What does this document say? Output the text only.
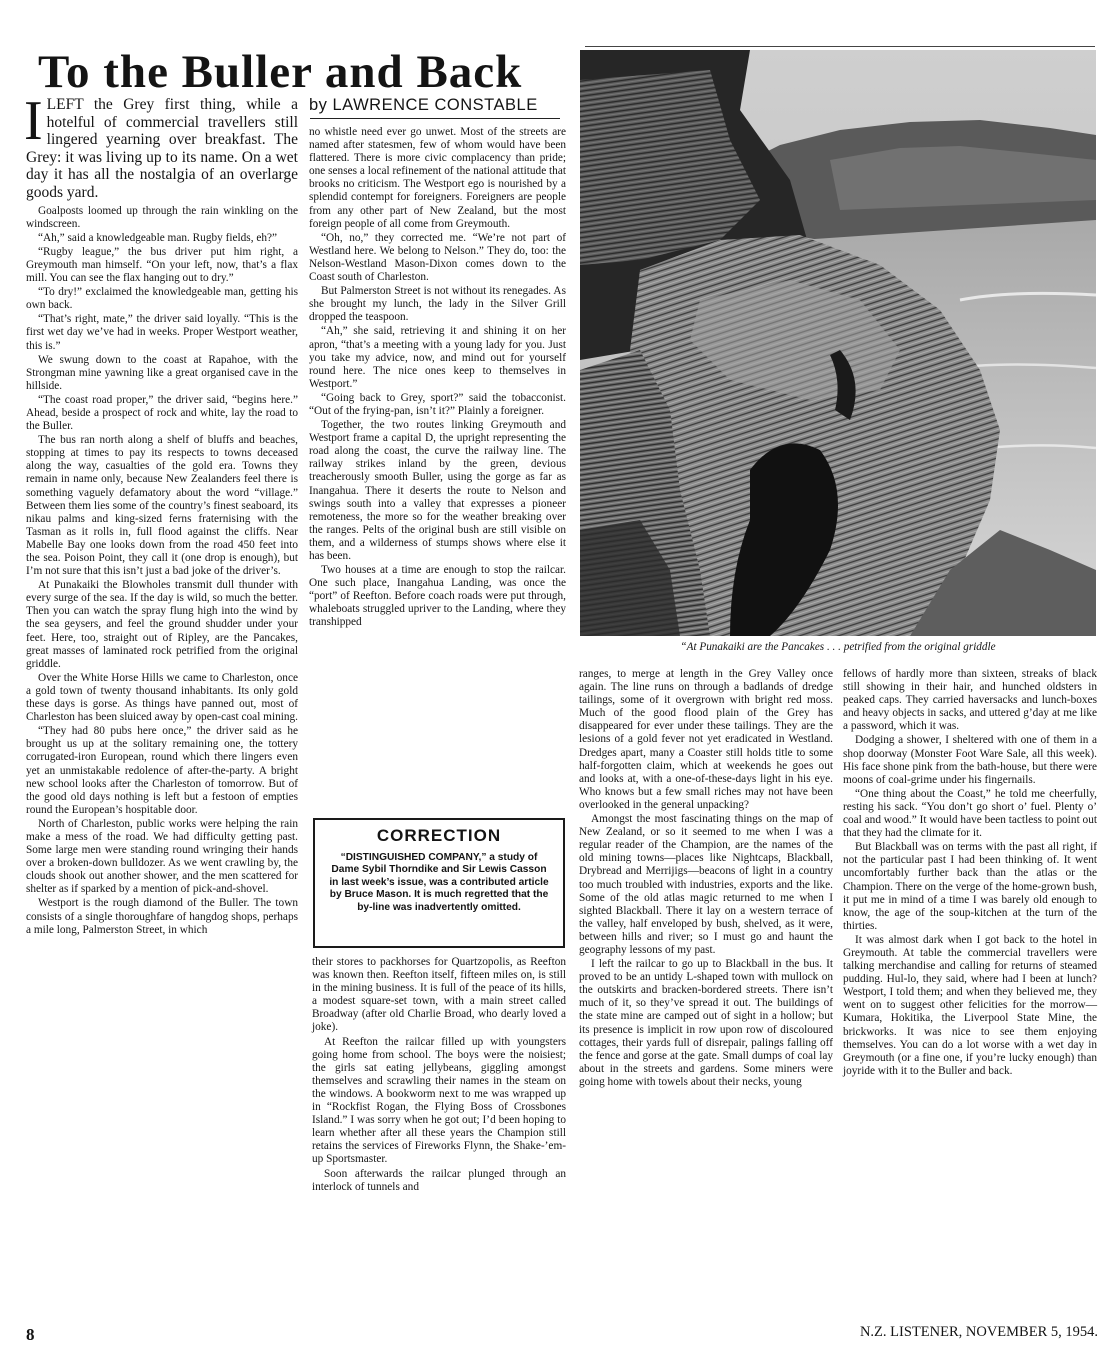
To the Buller and Back
by LAWRENCE CONSTABLE
I LEFT the Grey first thing, while a hotelful of commercial travellers still lingered yearning over breakfast. The Grey: it was living up to its name. On a wet day it has all the nostalgia of an overlarge goods yard.

Goalposts loomed up through the rain winkling on the windscreen.

“Ah,” said a knowledgeable man. Rugby fields, eh?”

“Rugby league,” the bus driver put him right, a Greymouth man himself. “On your left, now, that’s a flax mill. You can see the flax hanging out to dry.”

“To dry!” exclaimed the knowledgeable man, getting his own back.

“That’s right, mate,” the driver said loyally. “This is the first wet day we’ve had in weeks. Proper Westport weather, this is.”

We swung down to the coast at Rapahoe, with the Strongman mine yawning like a great organised cave in the hillside.

“The coast road proper,” the driver said, “begins here.” Ahead, beside a prospect of rock and white, lay the road to the Buller.

The bus ran north along a shelf of bluffs and beaches, stopping at times to pay its respects to towns deceased along the way, casualties of the gold era. Towns they remain in name only, because New Zealanders feel there is something vaguely defamatory about the word “village.” Between them lies some of the country’s finest seaboard, its nikau palms and king-sized ferns fraternising with the Tasman as it rolls in, full flood against the cliffs. Near Mabelle Bay one looks down from the road 450 feet into the sea. Poison Point, they call it (one drop is enough), but I’m not sure that this isn’t just a bad joke of the driver’s.

At Punakaiki the Blowholes transmit dull thunder with every surge of the sea. If the day is wild, so much the better. Then you can watch the spray flung high into the wind by the sea geysers, and feel the ground shudder under your feet. Here, too, straight out of Ripley, are the Pancakes, great masses of laminated rock petrified from the original griddle.

Over the White Horse Hills we came to Charleston, once a gold town of twenty thousand inhabitants. Its only gold these days is gorse. As things have panned out, most of Charleston has been sluiced away by open-cast coal mining.

“They had 80 pubs here once,” the driver said as he brought us up at the solitary remaining one, the tottery corrugated-iron European, round which there lingers even yet an unmistakable redolence of after-the-party. A bright new school looks after the Charleston of tomorrow. But of the good old days nothing is left but a festoon of empties round the European’s hospitable door.

North of Charleston, public works were helping the rain make a mess of the road. We had difficulty getting past. Some large men were standing round wringing their hands over a broken-down bulldozer. As we went crawling by, the clouds shook out another shower, and the men scattered for shelter as if sparked by a mention of pick-and-shovel.

Westport is the rough diamond of the Buller. The town consists of a single thoroughfare of hangdog shops, perhaps a mile long, Palmerston Street, in which

no whistle need ever go unwet. Most of the streets are named after statesmen, few of whom would have been flattered. There is more civic complacency than pride; one senses a local refinement of the national attitude that brooks no criticism. The Westport ego is nourished by a splendid contempt for foreigners. Foreigners are people from any other part of New Zealand, but the most foreign people of all come from Greymouth.

“Oh, no,” they corrected me. “We’re not part of Westland here. We belong to Nelson.” They do, too: the Nelson-Westland Mason-Dixon comes down to the Coast south of Charleston.

But Palmerston Street is not without its renegades. As she brought my lunch, the lady in the Silver Grill dropped the teaspoon.

“Ah,” she said, retrieving it and shining it on her apron, “that’s a meeting with a young lady for you. Just you take my advice, now, and mind out for yourself round here. The nice ones keep to themselves in Westport.”

“Going back to Grey, sport?” said the tobacconist. “Out of the frying-pan, isn’t it?” Plainly a foreigner.

Together, the two routes linking Greymouth and Westport frame a capital D, the upright representing the road along the coast, the curve the railway line. The railway strikes inland by the green, devious treacherously smooth Buller, using the gorge as far as Inangahua. There it deserts the route to Nelson and swings south into a valley that expresses a pioneer remoteness, the more so for the weather breaking over the ranges. Pelts of the original bush are still visible on them, and a wilderness of stumps shows where else it has been.

Two houses at a time are enough to stop the railcar. One such place, Inangahua Landing, was once the “port” of Reefton. Before coach roads were put through, whaleboats struggled upriver to the Landing, where they transhipped

CORRECTION
“DISTINGUISHED COMPANY,” a study of Dame Sybil Thorndike and Sir Lewis Casson in last week’s issue, was a contributed article by Bruce Mason. It is much regretted that the by-line was inadvertently omitted.

their stores to packhorses for Quartzopolis, as Reefton was known then. Reefton itself, fifteen miles on, is still in the mining business. It is full of the peace of its hills, a modest square-set town, with a main street called Broadway (after old Charlie Broad, who dearly loved a joke).

At Reefton the railcar filled up with youngsters going home from school. The boys were the noisiest; the girls sat eating jellybeans, giggling amongst themselves and scrawling their names in the steam on the windows. A bookworm next to me was wrapped up in “Rockfist Rogan, the Flying Boss of Crossbones Island.” I was sorry when he got out; I’d been hoping to learn whether after all these years the Champion still retains the services of Fireworks Flynn, the Shake-’em-up Sportsmaster.

Soon afterwards the railcar plunged through an interlock of tunnels and

“At Punakaiki are the Pancakes . . . petrified from the original griddle

ranges, to merge at length in the Grey Valley once again. The line runs on through a badlands of dredge tailings, some of it overgrown with bright red moss. Much of the good flood plain of the Grey has disappeared for ever under these tailings. They are the lesions of a gold fever not yet eradicated in Westland. Dredges apart, many a Coaster still holds title to some half-forgotten claim, which at weekends he goes out and looks at, with a one-of-these-days light in his eye. Who knows but a few small riches may not have been overlooked in the general unpacking?

Amongst the most fascinating things on the map of New Zealand, or so it seemed to me when I was a regular reader of the Champion, are the names of the old mining towns—places like Nightcaps, Blackball, Drybread and Merrijigs—beacons of light in a country too much troubled with industries, exports and the like. Some of the old atlas magic returned to me when I sighted Blackball. There it lay on a western terrace of the valley, half enveloped by bush, shelved, as it were, between hills and river; so I must go and haunt the geography lessons of my past.

I left the railcar to go up to Blackball in the bus. It proved to be an untidy L-shaped town with mullock on the outskirts and bracken-bordered streets. There isn’t much of it, so they’ve spread it out. The buildings of the state mine are camped out of sight in a hollow; but its presence is implicit in row upon row of discoloured cottages, their yards full of disrepair, palings falling off the fence and gorse at the gate. Small dumps of coal lay about in the streets and gardens. Some miners were going home with towels about their necks, young

fellows of hardly more than sixteen, streaks of black still showing in their hair, and hunched oldsters in peaked caps. They carried haversacks and lunch-boxes and heavy objects in sacks, and uttered g’day at me like a password, which it was.

Dodging a shower, I sheltered with one of them in a shop doorway (Monster Foot Ware Sale, all this week). His face shone pink from the bath-house, but there were moons of coal-grime under his fingernails.

“One thing about the Coast,” he told me cheerfully, resting his sack. “You don’t go short o’ fuel. Plenty o’ coal and wood.” It would have been tactless to point out that they had the climate for it.

But Blackball was on terms with the past all right, if not the particular past I had been thinking of. It went uncomfortably further back than the atlas or the Champion. There on the verge of the home-grown bush, it put me in mind of a time I was barely old enough to know, the age of the soup-kitchen at the turn of the thirties.

It was almost dark when I got back to the hotel in Greymouth. At table the commercial travellers were talking merchandise and calling for returns of steamed pudding. Hul-lo, they said, where had I been at lunch? Westport, I told them; and when they believed me, they went on to suggest other felicities for the morrow—Kumara, Hokitika, the Liverpool State Mine, the brickworks. It was nice to see them enjoying themselves. You can do a lot worse with a wet day in Greymouth (or a fine one, if you’re lucky enough) than joyride with it to the Buller and back.

8	N.Z. LISTENER, NOVEMBER 5, 1954.
